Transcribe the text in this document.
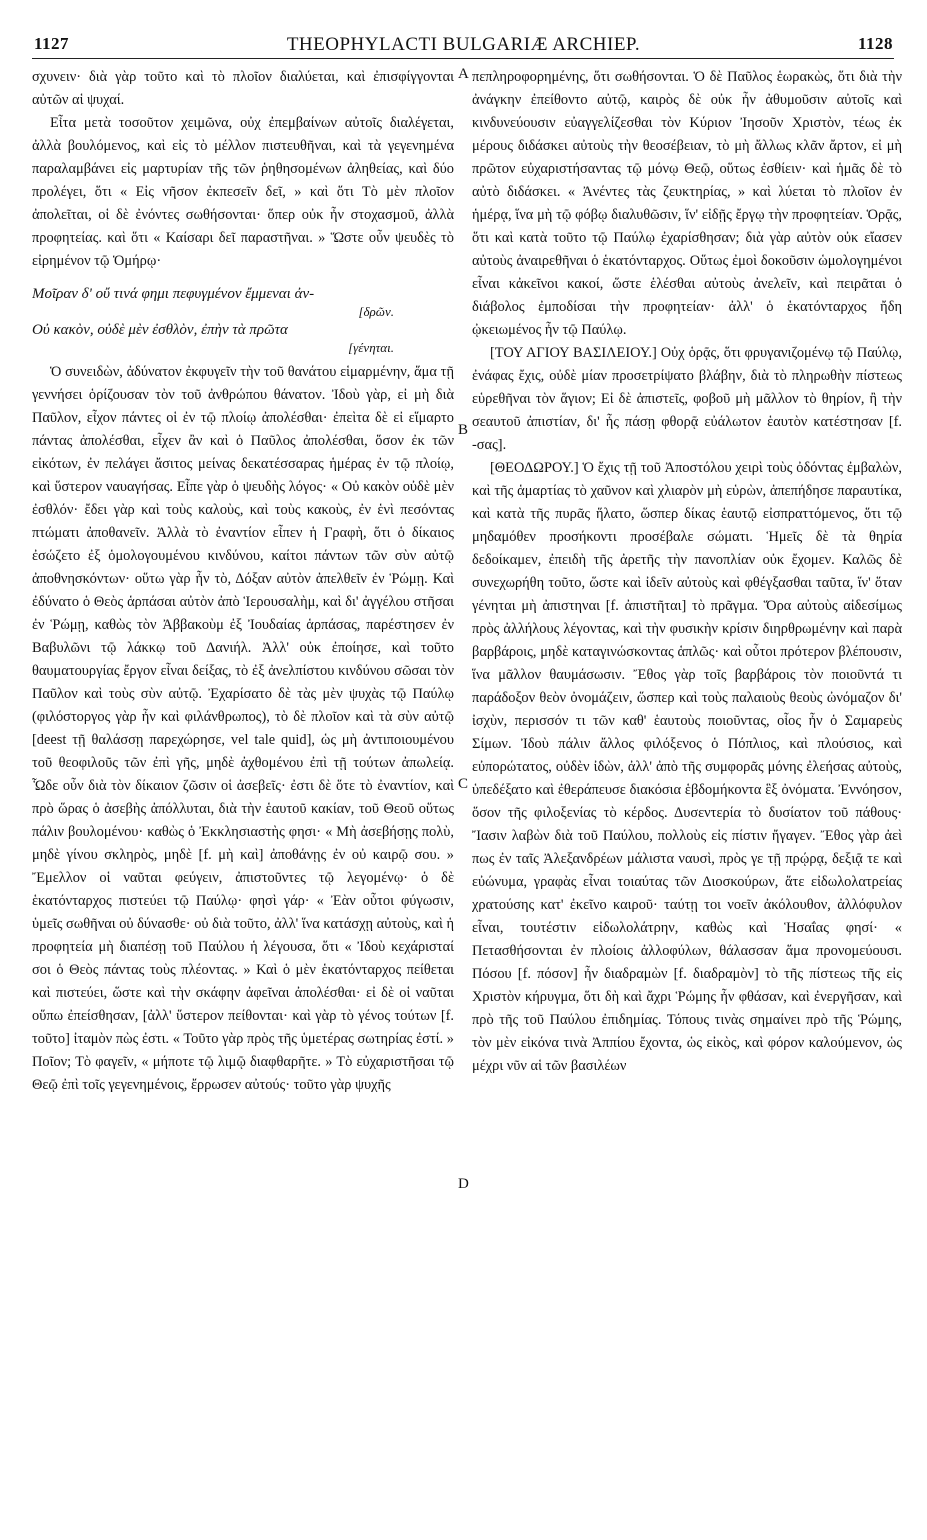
1127	THEOPHYLACTI BULGARIÆ ARCHIEP.	1128
A
B
C
D

σχυνειν· διὰ γὰρ τοῦτο καὶ τὸ πλοῖον διαλύεται, καὶ ἐπισφίγγονται αὐτῶν αἱ ψυχαί.

Εἶτα μετὰ τοσοῦτον χειμῶνα, οὐχ ἐπεμβαίνων αὐτοῖς διαλέγεται, ἀλλὰ βουλόμενος, καὶ εἰς τὸ μέλλον πιστευθῆναι, καὶ τὰ γεγενημένα παραλαμβάνει εἰς μαρτυρίαν τῆς τῶν ῥηθησομένων ἀληθείας, καὶ δύο προλέγει, ὅτι « Εἰς νῆσον ἐκπεσεῖν δεῖ, » καὶ ὅτι Τὸ μὲν πλοῖον ἀπολεῖται, οἱ δὲ ἐνόντες σωθήσονται· ὅπερ οὐκ ἦν στοχασμοῦ, ἀλλὰ προφητείας. καὶ ὅτι « Καίσαρι δεῖ παραστῆναι. » Ὥστε οὖν ψευδὲς τὸ εἰρημένον τῷ Ὁμήρῳ·

Μοῖραν δ' οὔ τινά φημι πεφυγμένον ἔμμεναι ἀν-
[δρῶν.
Οὐ κακὸν, οὐδὲ μὲν ἐσθλὸν, ἐπὴν τὰ πρῶτα
[γένηται.

Ὁ συνειδὼν, ἀδύνατον ἐκφυγεῖν τὴν τοῦ θανάτου εἱμαρμένην, ἅμα τῇ γεννήσει ὁρίζουσαν τὸν τοῦ ἀνθρώπου θάνατον. Ἰδοὺ γὰρ, εἰ μὴ διὰ Παῦλον, εἶχον πάντες οἱ ἐν τῷ πλοίῳ ἀπολέσθαι· ἐπεὶτα δὲ εἰ εἵμαρτο πάντας ἀπολέσθαι, εἶχεν ἂν καὶ ὁ Παῦλος ἀπολέσθαι, ὅσον ἐκ τῶν εἰκότων, ἐν πελάγει ἄσιτος μείνας δεκατέσσαρας ἡμέρας ἐν τῷ πλοίῳ, καὶ ὕστερον ναυαγήσας. Εἶπε γὰρ ὁ ψευδὴς λόγος· « Οὐ κακὸν οὐδὲ μὲν ἐσθλόν· ἔδει γὰρ καὶ τοὺς καλοὺς, καὶ τοὺς κακοὺς, ἐν ἑνὶ πεσόντας πτώματι ἀποθανεῖν. Ἀλλὰ τὸ ἐναντίον εἶπεν ἡ Γραφὴ, ὅτι ὁ δίκαιος ἐσώζετο ἐξ ὁμολογουμένου κινδύνου, καίτοι πάντων τῶν σὺν αὐτῷ ἀποθνησκόντων· οὕτω γὰρ ἦν τὸ, Δόξαν αὐτὸν ἀπελθεῖν ἐν Ῥώμῃ. Καὶ ἐδύνατο ὁ Θεὸς ἁρπάσαι αὐτὸν ἀπὸ Ἱερουσαλὴμ, καὶ δι' ἀγγέλου στῆσαι ἐν Ῥώμῃ, καθὼς τὸν Ἀββακοὺμ ἐξ Ἰουδαίας ἁρπάσας, παρέστησεν ἐν Βαβυλῶνι τῷ λάκκῳ τοῦ Δανιήλ. Ἀλλ' οὐκ ἐποίησε, καὶ τοῦτο θαυματουργίας ἔργον εἶναι δείξας, τὸ ἐξ ἀνελπίστου κινδύνου σῶσαι τὸν Παῦλον καὶ τοὺς σὺν αὐτῷ. Ἐχαρίσατο δὲ τὰς μὲν ψυχὰς τῷ Παύλῳ (φιλόστοργος γὰρ ἦν καὶ φιλάνθρωπος), τὸ δὲ πλοῖον καὶ τὰ σὺν αὐτῷ [deest τῇ θαλάσσῃ παρεχώρησε, vel tale quid], ὡς μὴ ἀντιποιουμένου τοῦ θεοφιλοῦς τῶν ἐπὶ γῆς, μηδὲ ἀχθομένου ἐπὶ τῇ τούτων ἀπωλείᾳ. Ὧδε οὖν διὰ τὸν δίκαιον ζῶσιν οἱ ἀσεβεῖς· ἐστι δὲ ὅτε τὸ ἐναντίον, καὶ πρὸ ὥρας ὁ ἀσεβὴς ἀπόλλυται, διὰ τὴν ἑαυτοῦ κακίαν, τοῦ Θεοῦ οὕτως πάλιν βουλομένου· καθὼς ὁ Ἐκκλησιαστὴς φησι· « Μὴ ἀσεβήσῃς πολὺ, μηδὲ γίνου σκληρὸς, μηδὲ [f. μὴ καὶ] ἀποθάνῃς ἐν οὐ καιρῷ σου. » Ἔμελλον οἱ ναῦται φεύγειν, ἀπιστοῦντες τῷ λεγομένῳ· ὁ δὲ ἑκατόνταρχος πιστεύει τῷ Παύλῳ· φησὶ γάρ· « Ἐὰν οὗτοι φύγωσιν, ὑμεῖς σωθῆναι οὐ δύνασθε· οὐ διὰ τοῦτο, ἀλλ' ἵνα κατάσχῃ αὐτοὺς, καὶ ἡ προφητεία μὴ διαπέσῃ τοῦ Παύλου ἡ λέγουσα, ὅτι « Ἰδοὺ κεχάρισταί σοι ὁ Θεὸς πάντας τοὺς πλέοντας. » Καὶ ὁ μὲν ἑκατόνταρχος πείθεται καὶ πιστεύει, ὥστε καὶ τὴν σκάφην ἀφεῖναι ἀπολέσθαι· εἰ δὲ οἱ ναῦται οὕπω ἐπείσθησαν, [ἀλλ' ὕστερον πείθονται· καὶ γὰρ τὸ γένος τούτων [f. τοῦτο] ἰταμὸν πὼς ἐστι. « Τοῦτο γὰρ πρὸς τῆς ὑμετέρας σωτηρίας ἐστί. » Ποῖον; Τὸ φαγεῖν, « μήποτε τῷ λιμῷ διαφθαρῆτε. » Τὸ εὐχαριστῆσαι τῷ Θεῷ ἐπὶ τοῖς γεγενημένοις, ἔρρωσεν αὐτούς· τοῦτο γὰρ ψυχῆς

πεπληροφορημένης, ὅτι σωθήσονται. Ὁ δὲ Παῦλος ἑωρακὼς, ὅτι διὰ τὴν ἀνάγκην ἐπείθοντο αὐτῷ, καιρὸς δὲ οὐκ ἦν ἀθυμοῦσιν αὐτοῖς καὶ κινδυνεύουσιν εὐαγγελίζεσθαι τὸν Κύριον Ἰησοῦν Χριστὸν, τέως ἐκ μέρους διδάσκει αὐτοὺς τὴν θεοσέβειαν, τὸ μὴ ἄλλως κλᾶν ἄρτον, εἰ μὴ πρῶτον εὐχαριστήσαντας τῷ μόνῳ Θεῷ, οὕτως ἐσθίειν· καὶ ἡμᾶς δὲ τὸ αὐτὸ διδάσκει. « Ἀνέντες τὰς ζευκτηρίας, » καὶ λύεται τὸ πλοῖον ἐν ἡμέρᾳ, ἵνα μὴ τῷ φόβῳ διαλυθῶσιν, ἵν' εἰδῇς ἔργῳ τὴν προφητείαν. Ὁρᾷς, ὅτι καὶ κατὰ τοῦτο τῷ Παύλῳ ἐχαρίσθησαν; διὰ γὰρ αὐτὸν οὐκ εἴασεν αὐτοὺς ἀναιρεθῆναι ὁ ἑκατόνταρχος. Οὕτως ἐμοὶ δοκοῦσιν ὡμολογημένοι εἶναι κἀκεῖνοι κακοί, ὥστε ἑλέσθαι αὐτοὺς ἀνελεῖν, καὶ πειρᾶται ὁ διάβολος ἐμποδίσαι τὴν προφητείαν· ἀλλ' ὁ ἑκατόνταρχος ἤδη ᾠκειωμένος ἦν τῷ Παύλῳ.

[ΤΟΥ ΑΓΙΟΥ ΒΑΣΙΛΕΙΟΥ.] Οὐχ ὁρᾷς, ὅτι φρυγανιζομένῳ τῷ Παύλῳ, ἐνάφας ἔχις, οὐδὲ μίαν προσετρίψατο βλάβην, διὰ τὸ πληρωθὴν πίστεως εὑρεθῆναι τὸν ἅγιον; Εἰ δὲ ἀπιστεῖς, φοβοῦ μὴ μᾶλλον τὸ θηρίον, ἢ τὴν σεαυτοῦ ἀπιστίαν, δι' ἧς πάσῃ φθορᾷ εὐάλωτον ἑαυτὸν κατέστησαν [f. -σας].

[ΘΕΟΔΩΡΟΥ.] Ὁ ἔχις τῇ τοῦ Ἀποστόλου χειρὶ τοὺς ὀδόντας ἐμβαλὼν, καὶ τῆς ἁμαρτίας τὸ χαῦνον καὶ χλιαρὸν μὴ εὑρὼν, ἀπεπήδησε παραυτίκα, καὶ κατὰ τῆς πυρᾶς ἥλατο, ὥσπερ δίκας ἑαυτῷ εἰσπραττόμενος, ὅτι τῷ μηδαμόθεν προσήκοντι προσέβαλε σώματι. Ἡμεῖς δὲ τὰ θηρία δεδοίκαμεν, ἐπειδὴ τῆς ἀρετῆς τὴν πανοπλίαν οὐκ ἔχομεν. Καλῶς δὲ συνεχωρήθη τοῦτο, ὥστε καὶ ἰδεῖν αὐτοὺς καὶ φθέγξασθαι ταῦτα, ἵν' ὅταν γένηται μὴ ἀπιστηναι [f. ἀπιστῆται] τὸ πρᾶγμα. Ὅρα αὐτοὺς αἰδεσίμως πρὸς ἀλλήλους λέγοντας, καὶ τὴν φυσικὴν κρίσιν διηρθρωμένην καὶ παρὰ βαρβάροις, μηδὲ καταγινώσκοντας ἁπλῶς· καὶ οὗτοι πρότερον βλέπουσιν, ἵνα μᾶλλον θαυμάσωσιν. Ἔθος γὰρ τοῖς βαρβάροις τὸν ποιοῦντά τι παράδοξον θεὸν ὀνομάζειν, ὥσπερ καὶ τοὺς παλαιοὺς θεοὺς ὠνόμαζον δι' ἰσχὺν, περισσόν τι τῶν καθ' ἑαυτοὺς ποιοῦντας, οἷος ἦν ὁ Σαμαρεὺς Σίμων. Ἰδοὺ πάλιν ἄλλος φιλόξενος ὁ Πόπλιος, καὶ πλούσιος, καὶ εὐπορώτατος, οὐδὲν ἰδὼν, ἀλλ' ἀπὸ τῆς συμφορᾶς μόνης ἐλεήσας αὐτοὺς, ὑπεδέξατο καὶ ἐθεράπευσε διακόσια ἑβδομήκοντα ἓξ ὀνόματα. Ἐννόησον, ὅσον τῆς φιλοξενίας τὸ κέρδος. Δυσεντερία τὸ δυσίατον τοῦ πάθους· Ἴασιν λαβὼν διὰ τοῦ Παύλου, πολλοὺς εἰς πίστιν ἤγαγεν. Ἔθος γὰρ ἀεὶ πως ἐν ταῖς Ἀλεξανδρέων μάλιστα ναυσὶ, πρὸς γε τῇ πρῴρᾳ, δεξιᾷ τε καὶ εὐώνυμα, γραφὰς εἶναι τοιαύτας τῶν Διοσκούρων, ἅτε εἰδωλολατρείας χρατούσης κατ' ἐκεῖνο καιροῦ· ταύτῃ τοι νοεῖν ἀκόλουθον, ἀλλόφυλον εἶναι, τουτέστιν εἰδωλολάτρην, καθὼς καὶ Ἡσαΐας φησί· « Πετασθήσονται ἐν πλοίοις ἀλλοφύλων, θάλασσαν ἅμα προνομεύουσι. Πόσου [f. πόσον] ἦν διαδραμὼν [f. διαδραμὸν] τὸ τῆς πίστεως τῆς εἰς Χριστὸν κήρυγμα, ὅτι δὴ καὶ ἄχρι Ῥώμης ἦν φθάσαν, καὶ ἐνεργῆσαν, καὶ πρὸ τῆς τοῦ Παύλου ἐπιδημίας. Τόπους τινὰς σημαίνει πρὸ τῆς Ῥώμης, τὸν μὲν εἰκόνα τινὰ Ἀππίου ἔχοντα, ὡς εἰκὸς, καὶ φόρον καλούμενον, ὡς μέχρι νῦν αἱ τῶν βασιλέων
